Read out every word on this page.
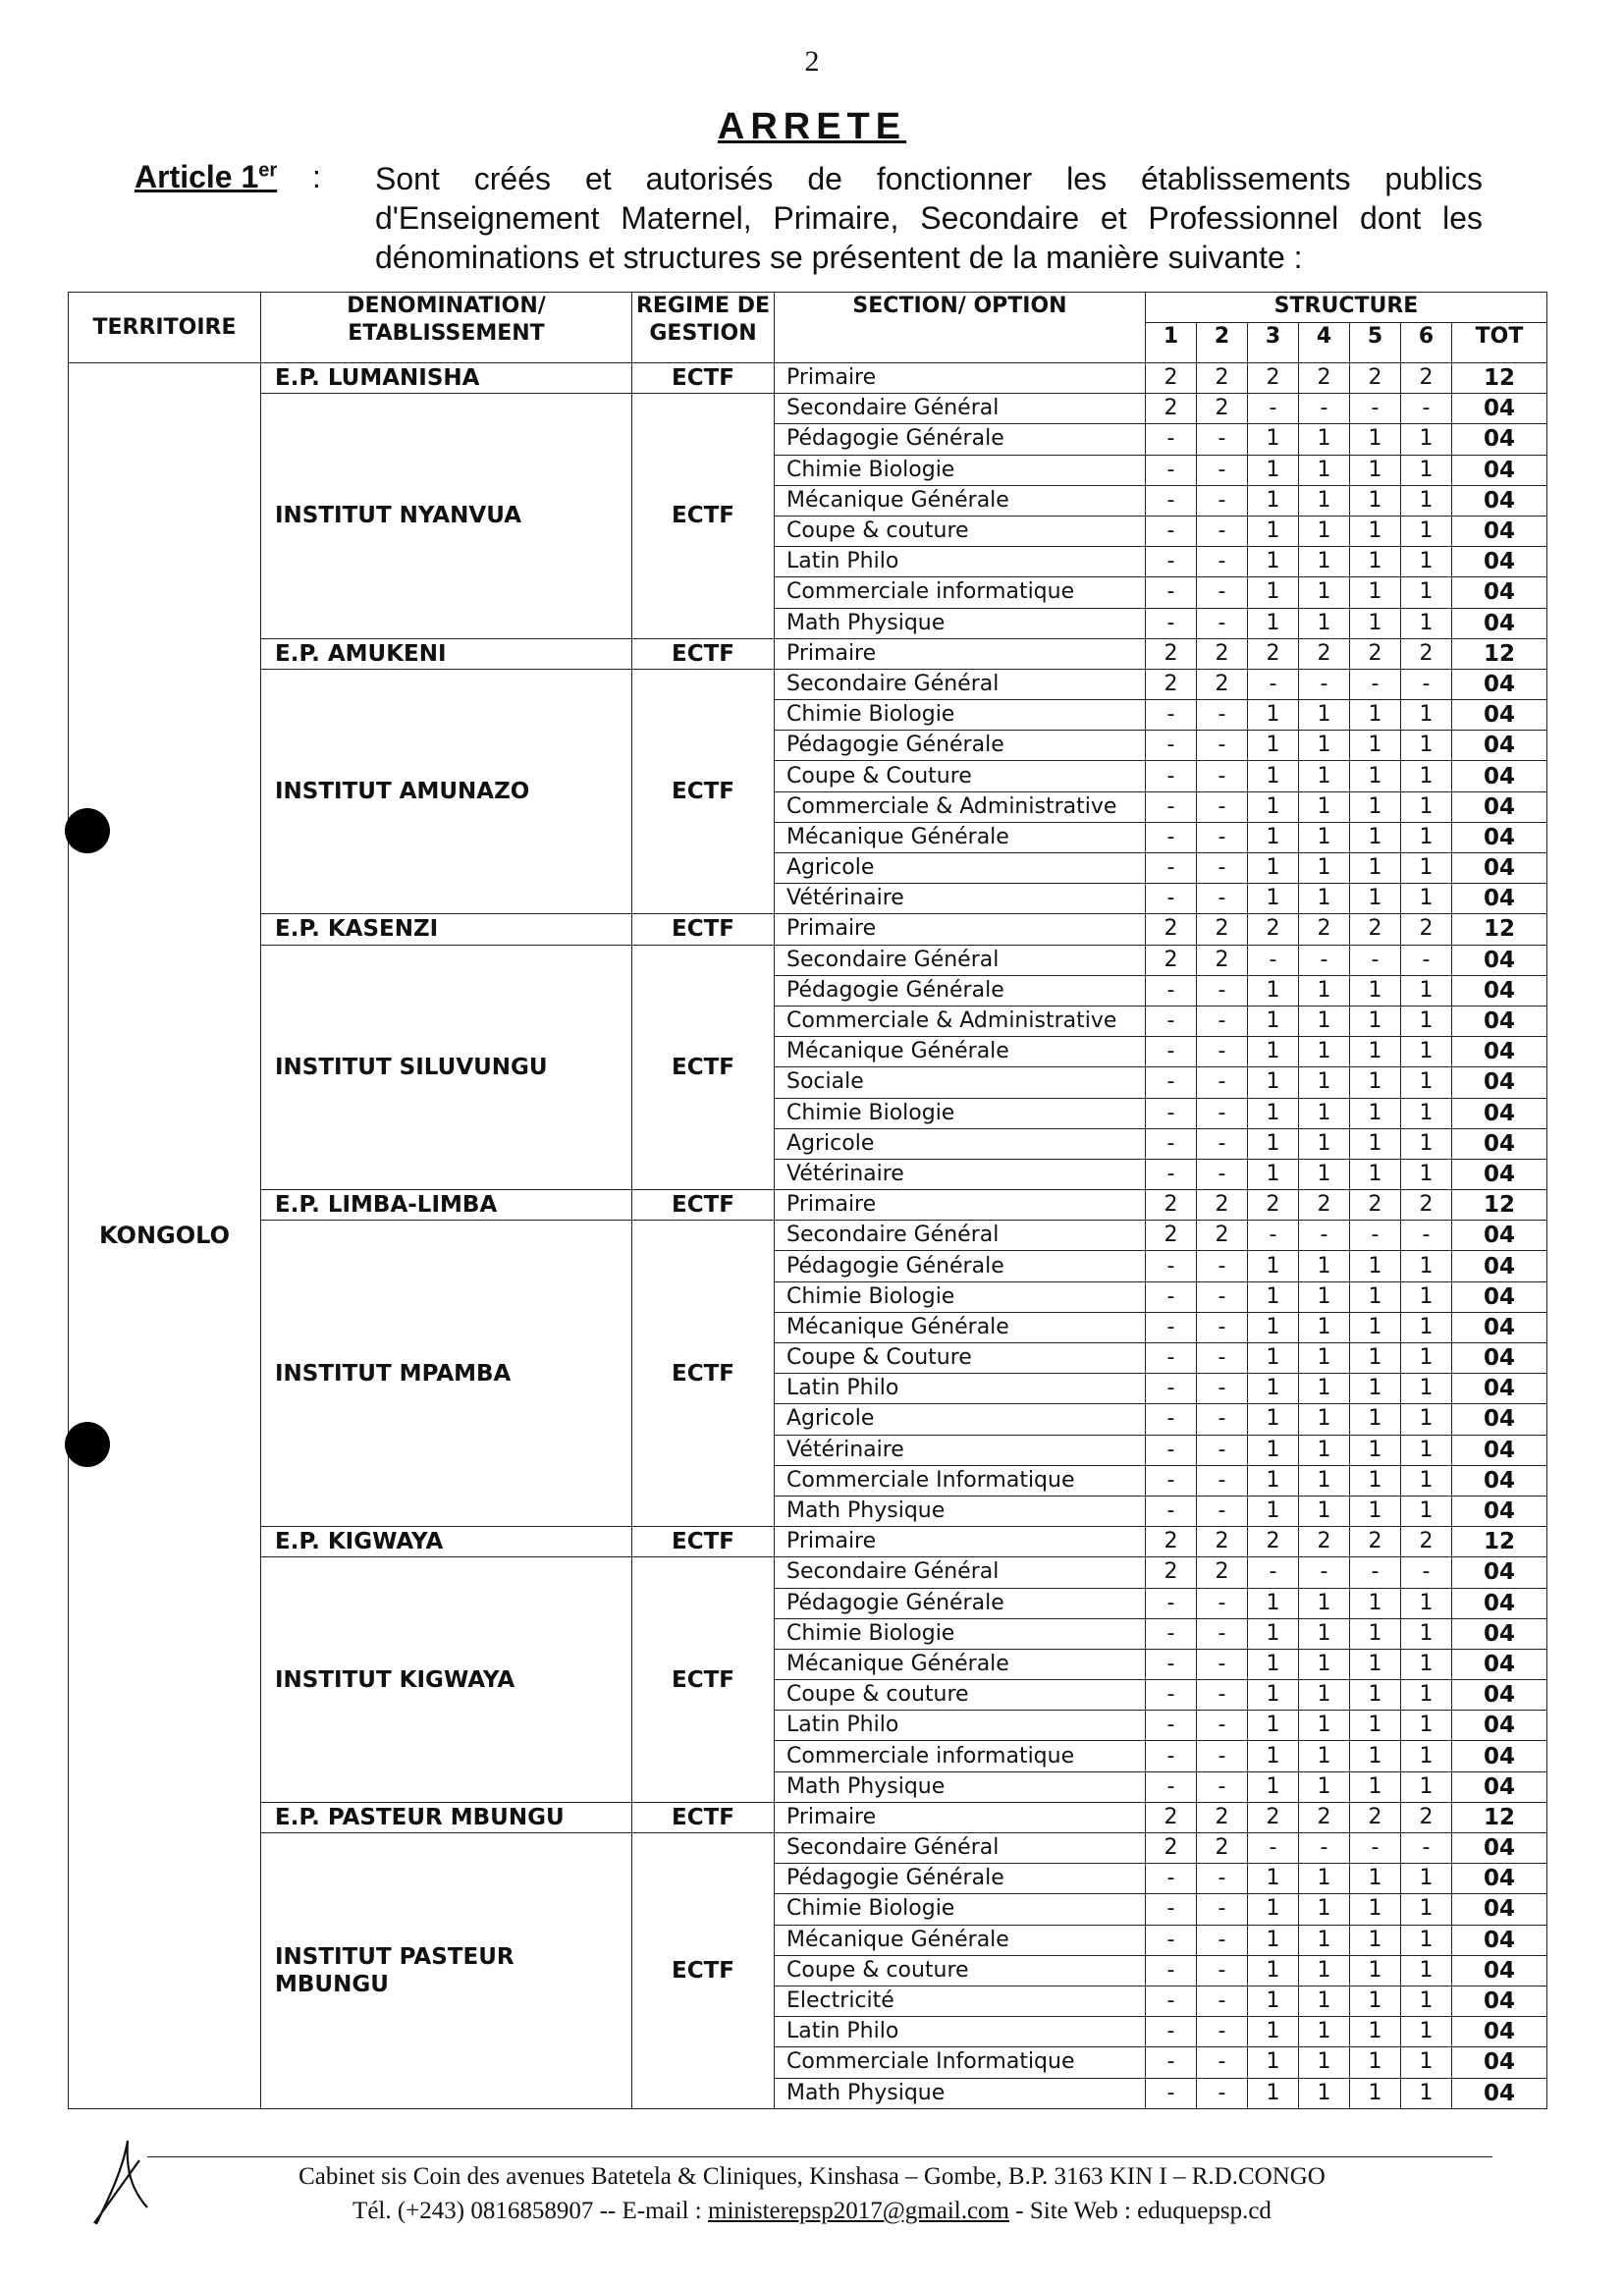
2
ARRETE
Article 1er : Sont créés et autorisés de fonctionner les établissements publics d'Enseignement Maternel, Primaire, Secondaire et Professionnel dont les dénominations et structures se présentent de la manière suivante :
TERRITOIRE	DENOMINATION/ ETABLISSEMENT	REGIME DE GESTION	SECTION/ OPTION	STRUCTURE						
				1	2	3	4	5	6	TOT
KONGOLO	E.P. LUMANISHA	ECTF	Primaire	2	2	2	2	2	2	12
	INSTITUT NYANVUA	ECTF	Secondaire Général	2	2	-	-	-	-	04
			Pédagogie Générale	-	-	1	1	1	1	04
			Chimie Biologie	-	-	1	1	1	1	04
			Mécanique Générale	-	-	1	1	1	1	04
			Coupe & couture	-	-	1	1	1	1	04
			Latin Philo	-	-	1	1	1	1	04
			Commerciale informatique	-	-	1	1	1	1	04
			Math Physique	-	-	1	1	1	1	04
	E.P. AMUKENI	ECTF	Primaire	2	2	2	2	2	2	12
	INSTITUT AMUNAZO	ECTF	Secondaire Général	2	2	-	-	-	-	04
			Chimie Biologie	-	-	1	1	1	1	04
			Pédagogie Générale	-	-	1	1	1	1	04
			Coupe & Couture	-	-	1	1	1	1	04
			Commerciale & Administrative	-	-	1	1	1	1	04
			Mécanique Générale	-	-	1	1	1	1	04
			Agricole	-	-	1	1	1	1	04
			Vétérinaire	-	-	1	1	1	1	04
	E.P. KASENZI	ECTF	Primaire	2	2	2	2	2	2	12
	INSTITUT SILUVUNGU	ECTF	Secondaire Général	2	2	-	-	-	-	04
			Pédagogie Générale	-	-	1	1	1	1	04
			Commerciale & Administrative	-	-	1	1	1	1	04
			Mécanique Générale	-	-	1	1	1	1	04
			Sociale	-	-	1	1	1	1	04
			Chimie Biologie	-	-	1	1	1	1	04
			Agricole	-	-	1	1	1	1	04
			Vétérinaire	-	-	1	1	1	1	04
	E.P. LIMBA-LIMBA	ECTF	Primaire	2	2	2	2	2	2	12
	INSTITUT MPAMBA	ECTF	Secondaire Général	2	2	-	-	-	-	04
			Pédagogie Générale	-	-	1	1	1	1	04
			Chimie Biologie	-	-	1	1	1	1	04
			Mécanique Générale	-	-	1	1	1	1	04
			Coupe & Couture	-	-	1	1	1	1	04
			Latin Philo	-	-	1	1	1	1	04
			Agricole	-	-	1	1	1	1	04
			Vétérinaire	-	-	1	1	1	1	04
			Commerciale Informatique	-	-	1	1	1	1	04
			Math Physique	-	-	1	1	1	1	04
	E.P. KIGWAYA	ECTF	Primaire	2	2	2	2	2	2	12
	INSTITUT KIGWAYA	ECTF	Secondaire Général	2	2	-	-	-	-	04
			Pédagogie Générale	-	-	1	1	1	1	04
			Chimie Biologie	-	-	1	1	1	1	04
			Mécanique Générale	-	-	1	1	1	1	04
			Coupe & couture	-	-	1	1	1	1	04
			Latin Philo	-	-	1	1	1	1	04
			Commerciale informatique	-	-	1	1	1	1	04
			Math Physique	-	-	1	1	1	1	04
	E.P. PASTEUR MBUNGU	ECTF	Primaire	2	2	2	2	2	2	12
	INSTITUT PASTEUR MBUNGU	ECTF	Secondaire Général	2	2	-	-	-	-	04
			Pédagogie Générale	-	-	1	1	1	1	04
			Chimie Biologie	-	-	1	1	1	1	04
			Mécanique Générale	-	-	1	1	1	1	04
			Coupe & couture	-	-	1	1	1	1	04
			Electricité	-	-	1	1	1	1	04
			Latin Philo	-	-	1	1	1	1	04
			Commerciale Informatique	-	-	1	1	1	1	04
			Math Physique	-	-	1	1	1	1	04
Cabinet sis Coin des avenues Batetela & Cliniques, Kinshasa – Gombe, B.P. 3163 KIN I – R.D.CONGO
Tél. (+243) 0816858907 -- E-mail : ministerepsp2017@gmail.com - Site Web : eduquepsp.cd
